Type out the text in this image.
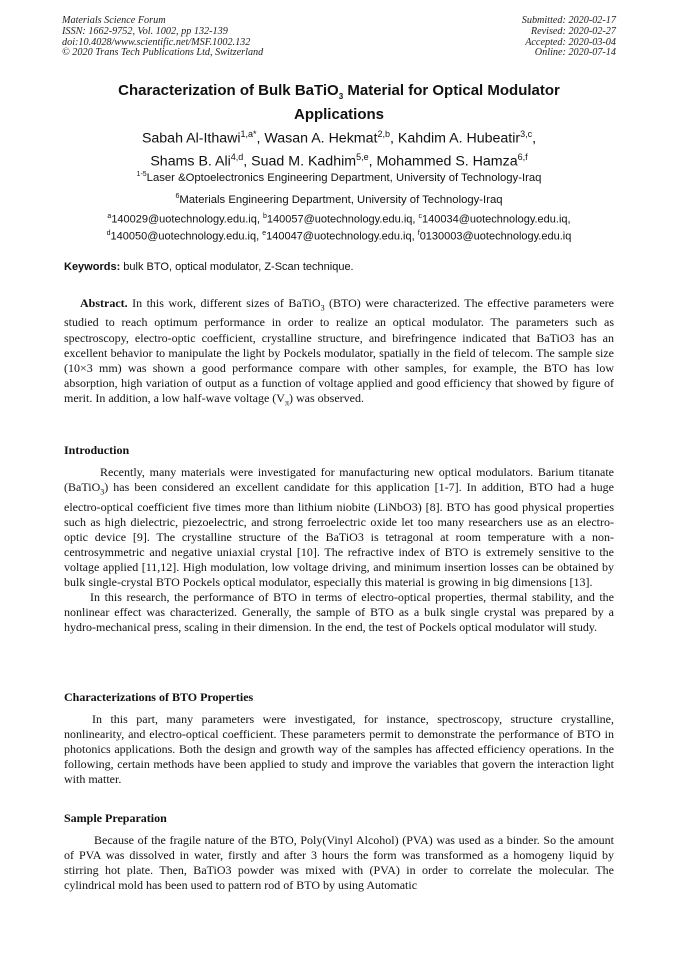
Materials Science Forum
ISSN: 1662-9752, Vol. 1002, pp 132-139
doi:10.4028/www.scientific.net/MSF.1002.132
© 2020 Trans Tech Publications Ltd, Switzerland
Submitted: 2020-02-17
Revised: 2020-02-27
Accepted: 2020-03-04
Online: 2020-07-14
Characterization of Bulk BaTiO$_3$ Material for Optical Modulator
Applications
Sabah Al-Ithawi$^{1,a*}$, Wasan A. Hekmat$^{2,b}$, Kahdim A. Hubeatir$^{3,c}$,
Shams B. Ali$^{4,d}$, Suad M. Kadhim$^{5,e}$, Mohammed S. Hamza$^{6,f}$
$^{1-5}$Laser &Optoelectronics Engineering Department, University of Technology-Iraq
$^6$Materials Engineering Department, University of Technology-Iraq
$^a$140029@uotechnology.edu.iq, $^b$140057@uotechnology.edu.iq, $^c$140034@uotechnology.edu.iq,
$^d$140050@uotechnology.edu.iq, $^e$140047@uotechnology.edu.iq, $^f$0130003@uotechnology.edu.iq
Keywords: bulk BTO, optical modulator, Z-Scan technique.

Abstract. In this work, different sizes of BaTiO$_3$ (BTO) were characterized. The effective parameters were studied to reach optimum performance in order to realize an optical modulator. The parameters such as spectroscopy, electro-optic coefficient, crystalline structure, and birefringence indicated that BaTiO3 has an excellent behavior to manipulate the light by Pockels modulator, spatially in the field of telecom. The sample size (10×3 mm) was shown a good performance compare with other samples, for example, the BTO has low absorption, high variation of output as a function of voltage applied and good efficiency that showed by figure of merit. In addition, a low half-wave voltage $(V_\pi)$ was observed.

Introduction

Recently, many materials were investigated for manufacturing new optical modulators. Barium titanate (BaTiO$_3$) has been considered an excellent candidate for this application [1-7]. In addition, BTO had a huge electro-optical coefficient five times more than lithium niobite (LiNbO3) [8]. BTO has good physical properties such as high dielectric, piezoelectric, and strong ferroelectric oxide let too many researchers use as an electro-optic device [9]. The crystalline structure of the BaTiO3 is tetragonal at room temperature with a non-centrosymmetric and negative uniaxial crystal [10]. The refractive index of BTO is extremely sensitive to the voltage applied [11,12]. High modulation, low voltage driving, and minimum insertion losses can be obtained by bulk single-crystal BTO Pockels optical modulator, especially this material is growing in big dimensions [13].

In this research, the performance of BTO in terms of electro-optical properties, thermal stability, and the nonlinear effect was characterized. Generally, the sample of BTO as a bulk single crystal was prepared by a hydro-mechanical press, scaling in their dimension. In the end, the test of Pockels optical modulator will study.

Characterizations of BTO Properties

In this part, many parameters were investigated, for instance, spectroscopy, structure crystalline, nonlinearity, and electro-optical coefficient. These parameters permit to demonstrate the performance of BTO in photonics applications. Both the design and growth way of the samples has affected efficiency operations. In the following, certain methods have been applied to study and improve the variables that govern the interaction light with matter.

Sample Preparation

Because of the fragile nature of the BTO, Poly(Vinyl Alcohol) (PVA) was used as a binder. So the amount of PVA was dissolved in water, firstly and after 3 hours the form was transformed as a homogeny liquid by stirring hot plate. Then, BaTiO3 powder was mixed with (PVA) in order to correlate the molecular. The cylindrical mold has been used to pattern rod of BTO by using Automatic
